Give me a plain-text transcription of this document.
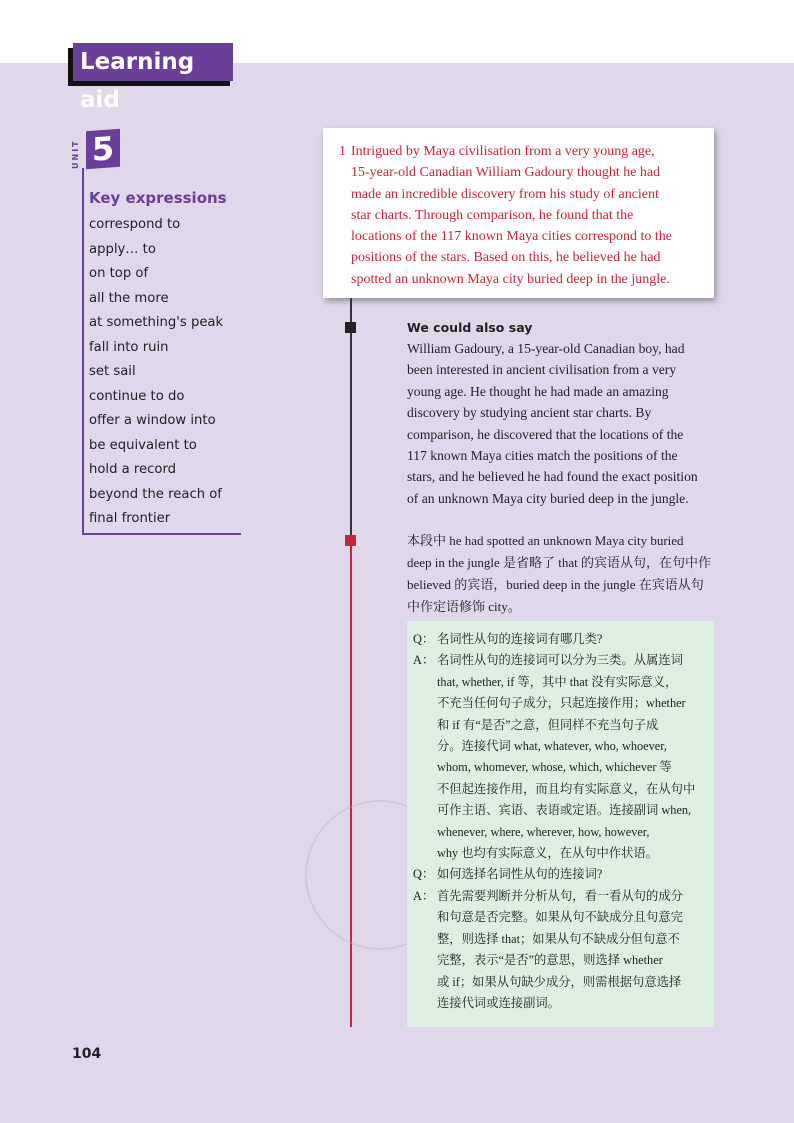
Learning aid
UNIT 5
Key expressions
correspond to
apply… to
on top of
all the more
at something's peak
fall into ruin
set sail
continue to do
offer a window into
be equivalent to
hold a record
beyond the reach of
final frontier
1 Intrigued by Maya civilisation from a very young age,
15-year-old Canadian William Gadoury thought he had
made an incredible discovery from his study of ancient
star charts. Through comparison, he found that the
locations of the 117 known Maya cities correspond to the
positions of the stars. Based on this, he believed he had
spotted an unknown Maya city buried deep in the jungle.
We could also say
William Gadoury, a 15-year-old Canadian boy, had
been interested in ancient civilisation from a very
young age. He thought he had made an amazing
discovery by studying ancient star charts. By
comparison, he discovered that the locations of the
117 known Maya cities match the positions of the
stars, and he believed he had found the exact position
of an unknown Maya city buried deep in the jungle.
本段中 he had spotted an unknown Maya city buried
deep in the jungle 是省略了 that 的宾语从句，在句中作
believed 的宾语，buried deep in the jungle 在宾语从句
中作定语修饰 city。
Q： 名词性从句的连接词有哪几类?
A： 名词性从句的连接词可以分为三类。从属连词
that, whether, if 等，其中 that 没有实际意义，
不充当任何句子成分，只起连接作用；whether
和 if 有“是否”之意，但同样不充当句子成
分。连接代词 what, whatever, who, whoever,
whom, whomever, whose, which, whichever 等
不但起连接作用，而且均有实际意义，在从句中
可作主语、宾语、表语或定语。连接副词 when,
whenever, where, wherever, how, however,
why 也均有实际意义，在从句中作状语。
Q： 如何选择名词性从句的连接词?
A： 首先需要判断并分析从句，看一看从句的成分
和句意是否完整。如果从句不缺成分且句意完
整，则选择 that；如果从句不缺成分但句意不
完整，表示“是否”的意思，则选择 whether
或 if；如果从句缺少成分，则需根据句意选择
连接代词或连接副词。
104
